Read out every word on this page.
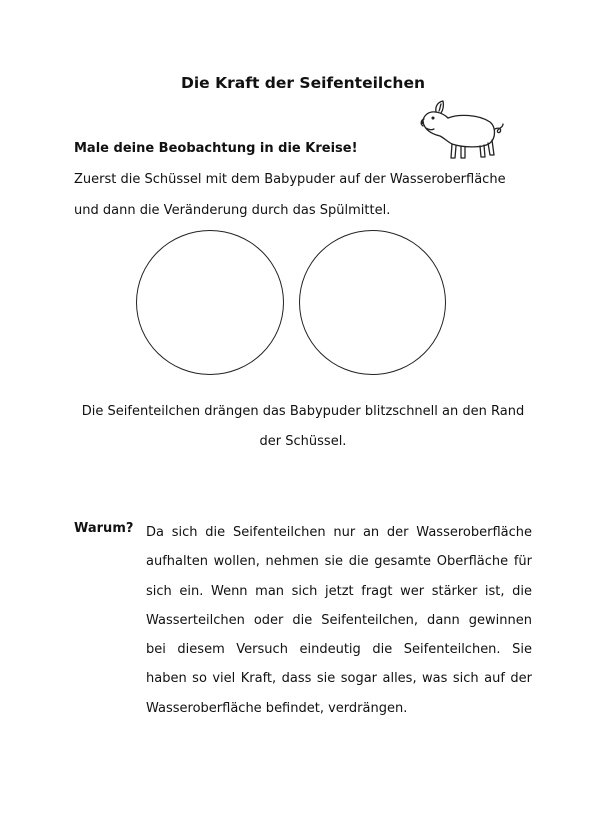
Die Kraft der Seifenteilchen
Male deine Beobachtung in die Kreise!
Zuerst die Schüssel mit dem Babypuder auf der Wasseroberfläche
und dann die Veränderung durch das Spülmittel.
Die Seifenteilchen drängen das Babypuder blitzschnell an den Rand
der Schüssel.
Warum? Da sich die Seifenteilchen nur an der Wasseroberfläche
aufhalten wollen, nehmen sie die gesamte Oberfläche für
sich ein. Wenn man sich jetzt fragt wer stärker ist, die
Wasserteilchen oder die Seifenteilchen, dann gewinnen
bei diesem Versuch eindeutig die Seifenteilchen. Sie
haben so viel Kraft, dass sie sogar alles, was sich auf der
Wasseroberfläche befindet, verdrängen.
